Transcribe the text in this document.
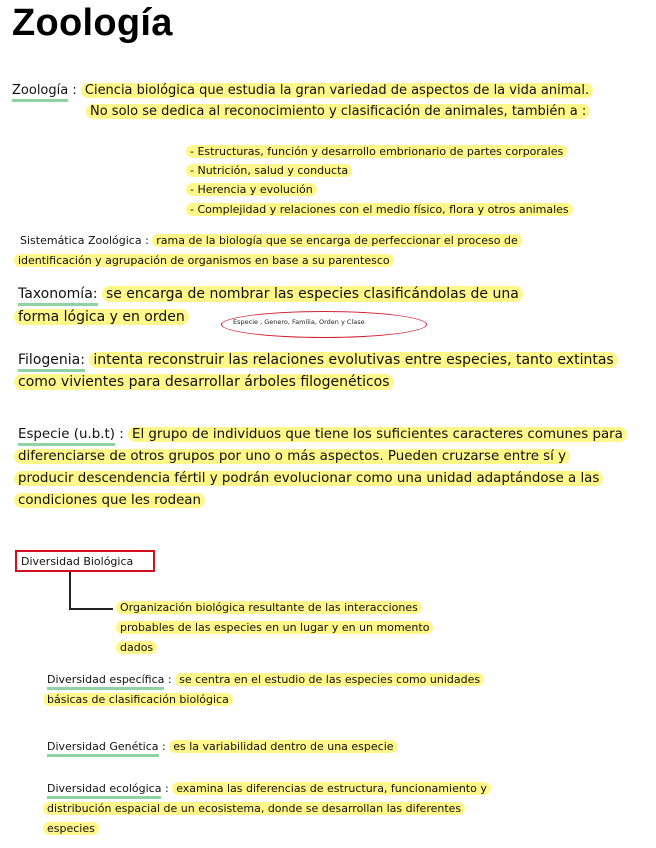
Zoología
Zoología : Ciencia biológica que estudia la gran variedad de aspectos de la vida animal.
No solo se dedica al reconocimiento y clasificación de animales, también a :
- Estructuras, función y desarrollo embrionario de partes corporales
- Nutrición, salud y conducta
- Herencia y evolución
- Complejidad y relaciones con el medio físico, flora y otros animales
Sistemática Zoológica : rama de la biología que se encarga de perfeccionar el proceso de
identificación y agrupación de organismos en base a su parentesco
Taxonomía: se encarga de nombrar las especies clasificándolas de una
forma lógica y en orden	Especie , Genero, Familia, Orden y Clase
Filogenia: intenta reconstruir las relaciones evolutivas entre especies, tanto extintas
como vivientes para desarrollar árboles filogenéticos
Especie (u.b.t) : El grupo de individuos que tiene los suficientes caracteres comunes para
diferenciarse de otros grupos por uno o más aspectos. Pueden cruzarse entre sí y
producir descendencia fértil y podrán evolucionar como una unidad adaptándose a las
condiciones que les rodean
Diversidad Biológica
Organización biológica resultante de las interacciones
probables de las especies en un lugar y en un momento
dados
Diversidad específica : se centra en el estudio de las especies como unidades
básicas de clasificación biológica
Diversidad Genética : es la variabilidad dentro de una especie
Diversidad ecológica : examina las diferencias de estructura, funcionamiento y
distribución espacial de un ecosistema, donde se desarrollan las diferentes
especies
